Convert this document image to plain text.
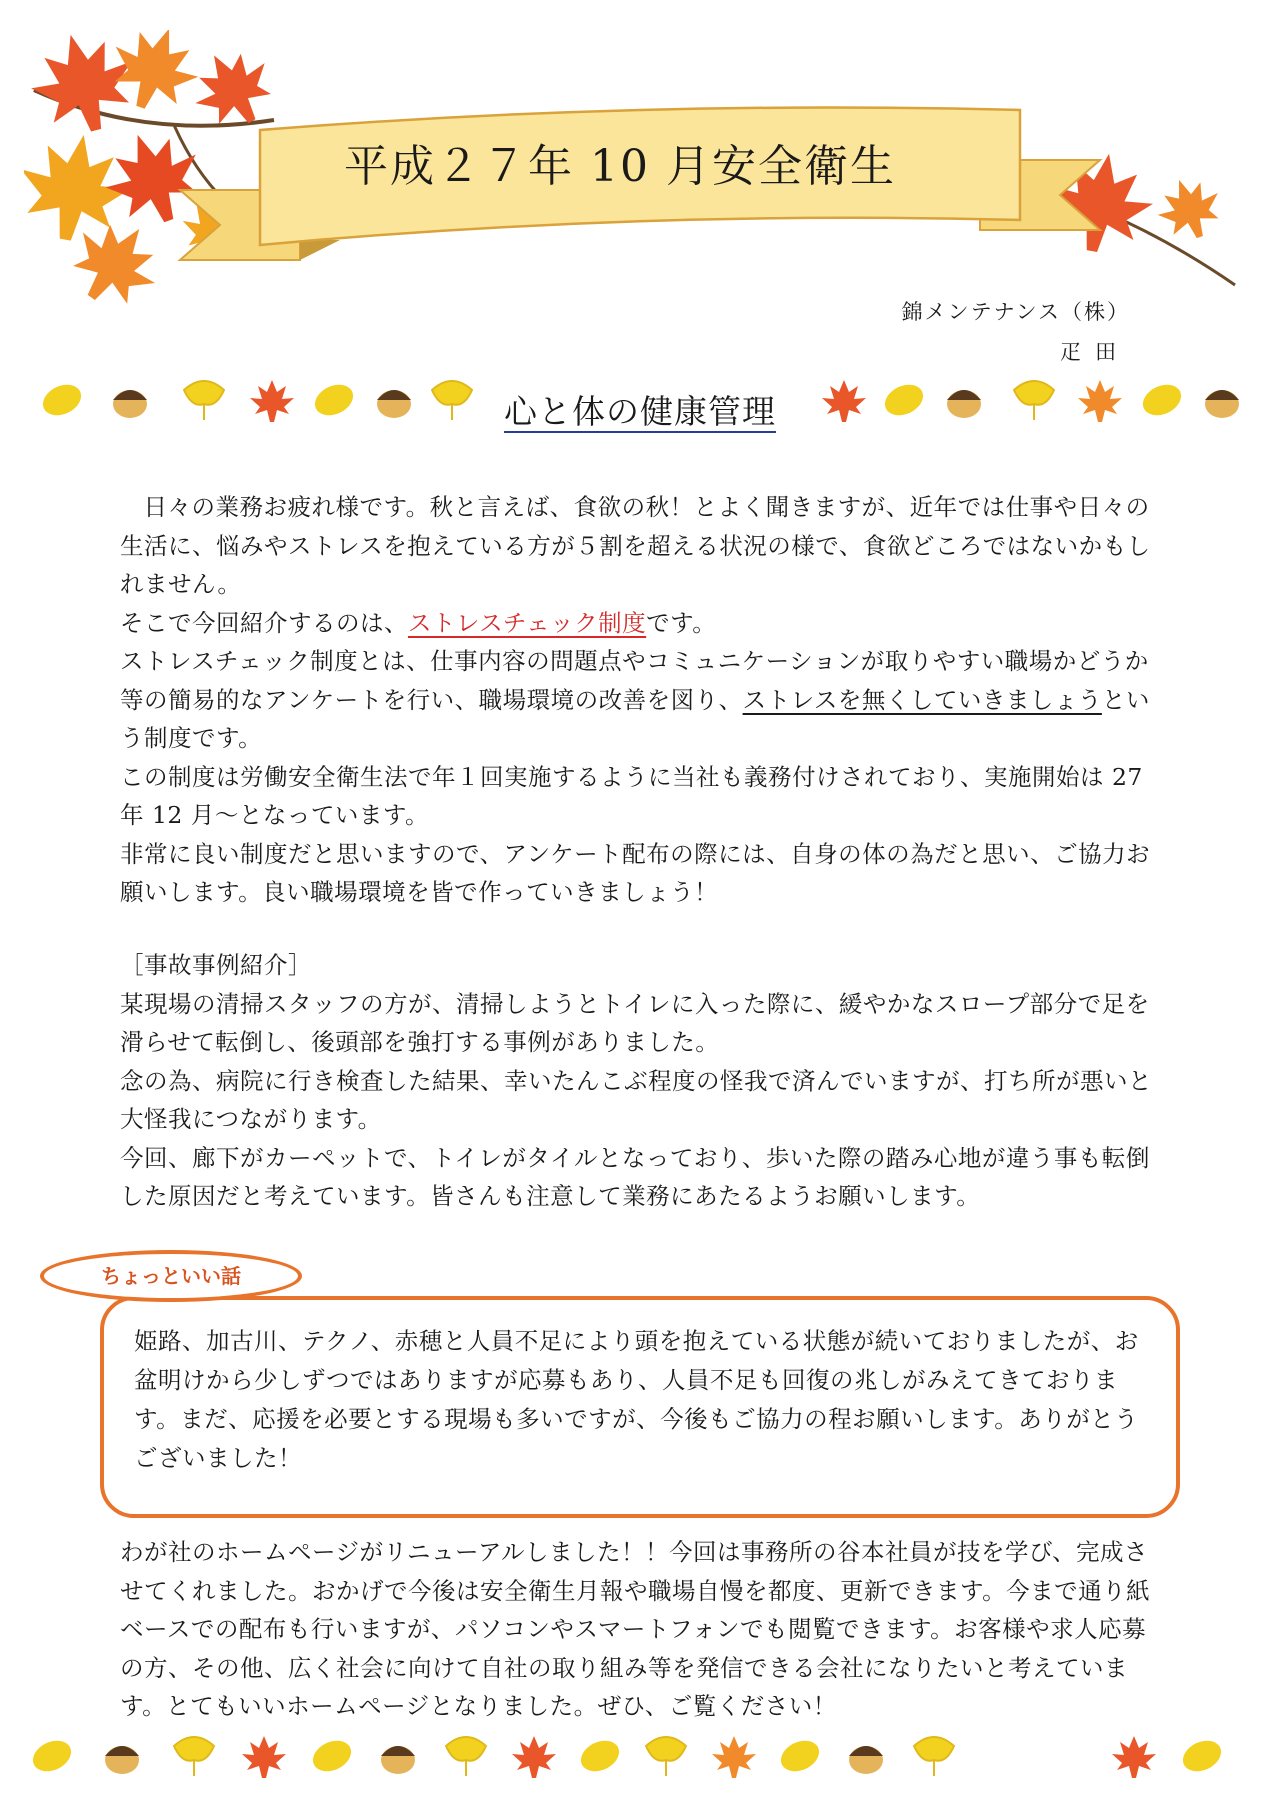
平成２７年 10 月安全衛生
錦メンテナンス（株）
疋田
心と体の健康管理

日々の業務お疲れ様です。秋と言えば、食欲の秋！とよく聞きますが、近年では仕事や日々の生活に、悩みやストレスを抱えている方が５割を超える状況の様で、食欲どころではないかもしれません。

そこで今回紹介するのは、ストレスチェック制度です。

ストレスチェック制度とは、仕事内容の問題点やコミュニケーションが取りやすい職場かどうか等の簡易的なアンケートを行い、職場環境の改善を図り、ストレスを無くしていきましょうという制度です。

この制度は労働安全衛生法で年１回実施するように当社も義務付けされており、実施開始は 27 年 12 月～となっています。

非常に良い制度だと思いますので、アンケート配布の際には、自身の体の為だと思い、ご協力お願いします。良い職場環境を皆で作っていきましょう！

［事故事例紹介］

某現場の清掃スタッフの方が、清掃しようとトイレに入った際に、緩やかなスロープ部分で足を滑らせて転倒し、後頭部を強打する事例がありました。

念の為、病院に行き検査した結果、幸いたんこぶ程度の怪我で済んでいますが、打ち所が悪いと大怪我につながります。

今回、廊下がカーペットで、トイレがタイルとなっており、歩いた際の踏み心地が違う事も転倒した原因だと考えています。皆さんも注意して業務にあたるようお願いします。

ちょっといい話
姫路、加古川、テクノ、赤穂と人員不足により頭を抱えている状態が続いておりましたが、お盆明けから少しずつではありますが応募もあり、人員不足も回復の兆しがみえてきております。まだ、応援を必要とする現場も多いですが、今後もご協力の程お願いします。ありがとうございました！

わが社のホームページがリニューアルしました！！今回は事務所の谷本社員が技を学び、完成させてくれました。おかげで今後は安全衛生月報や職場自慢を都度、更新できます。今まで通り紙ベースでの配布も行いますが、パソコンやスマートフォンでも閲覧できます。お客様や求人応募の方、その他、広く社会に向けて自社の取り組み等を発信できる会社になりたいと考えています。とてもいいホームページとなりました。ぜひ、ご覧ください！
